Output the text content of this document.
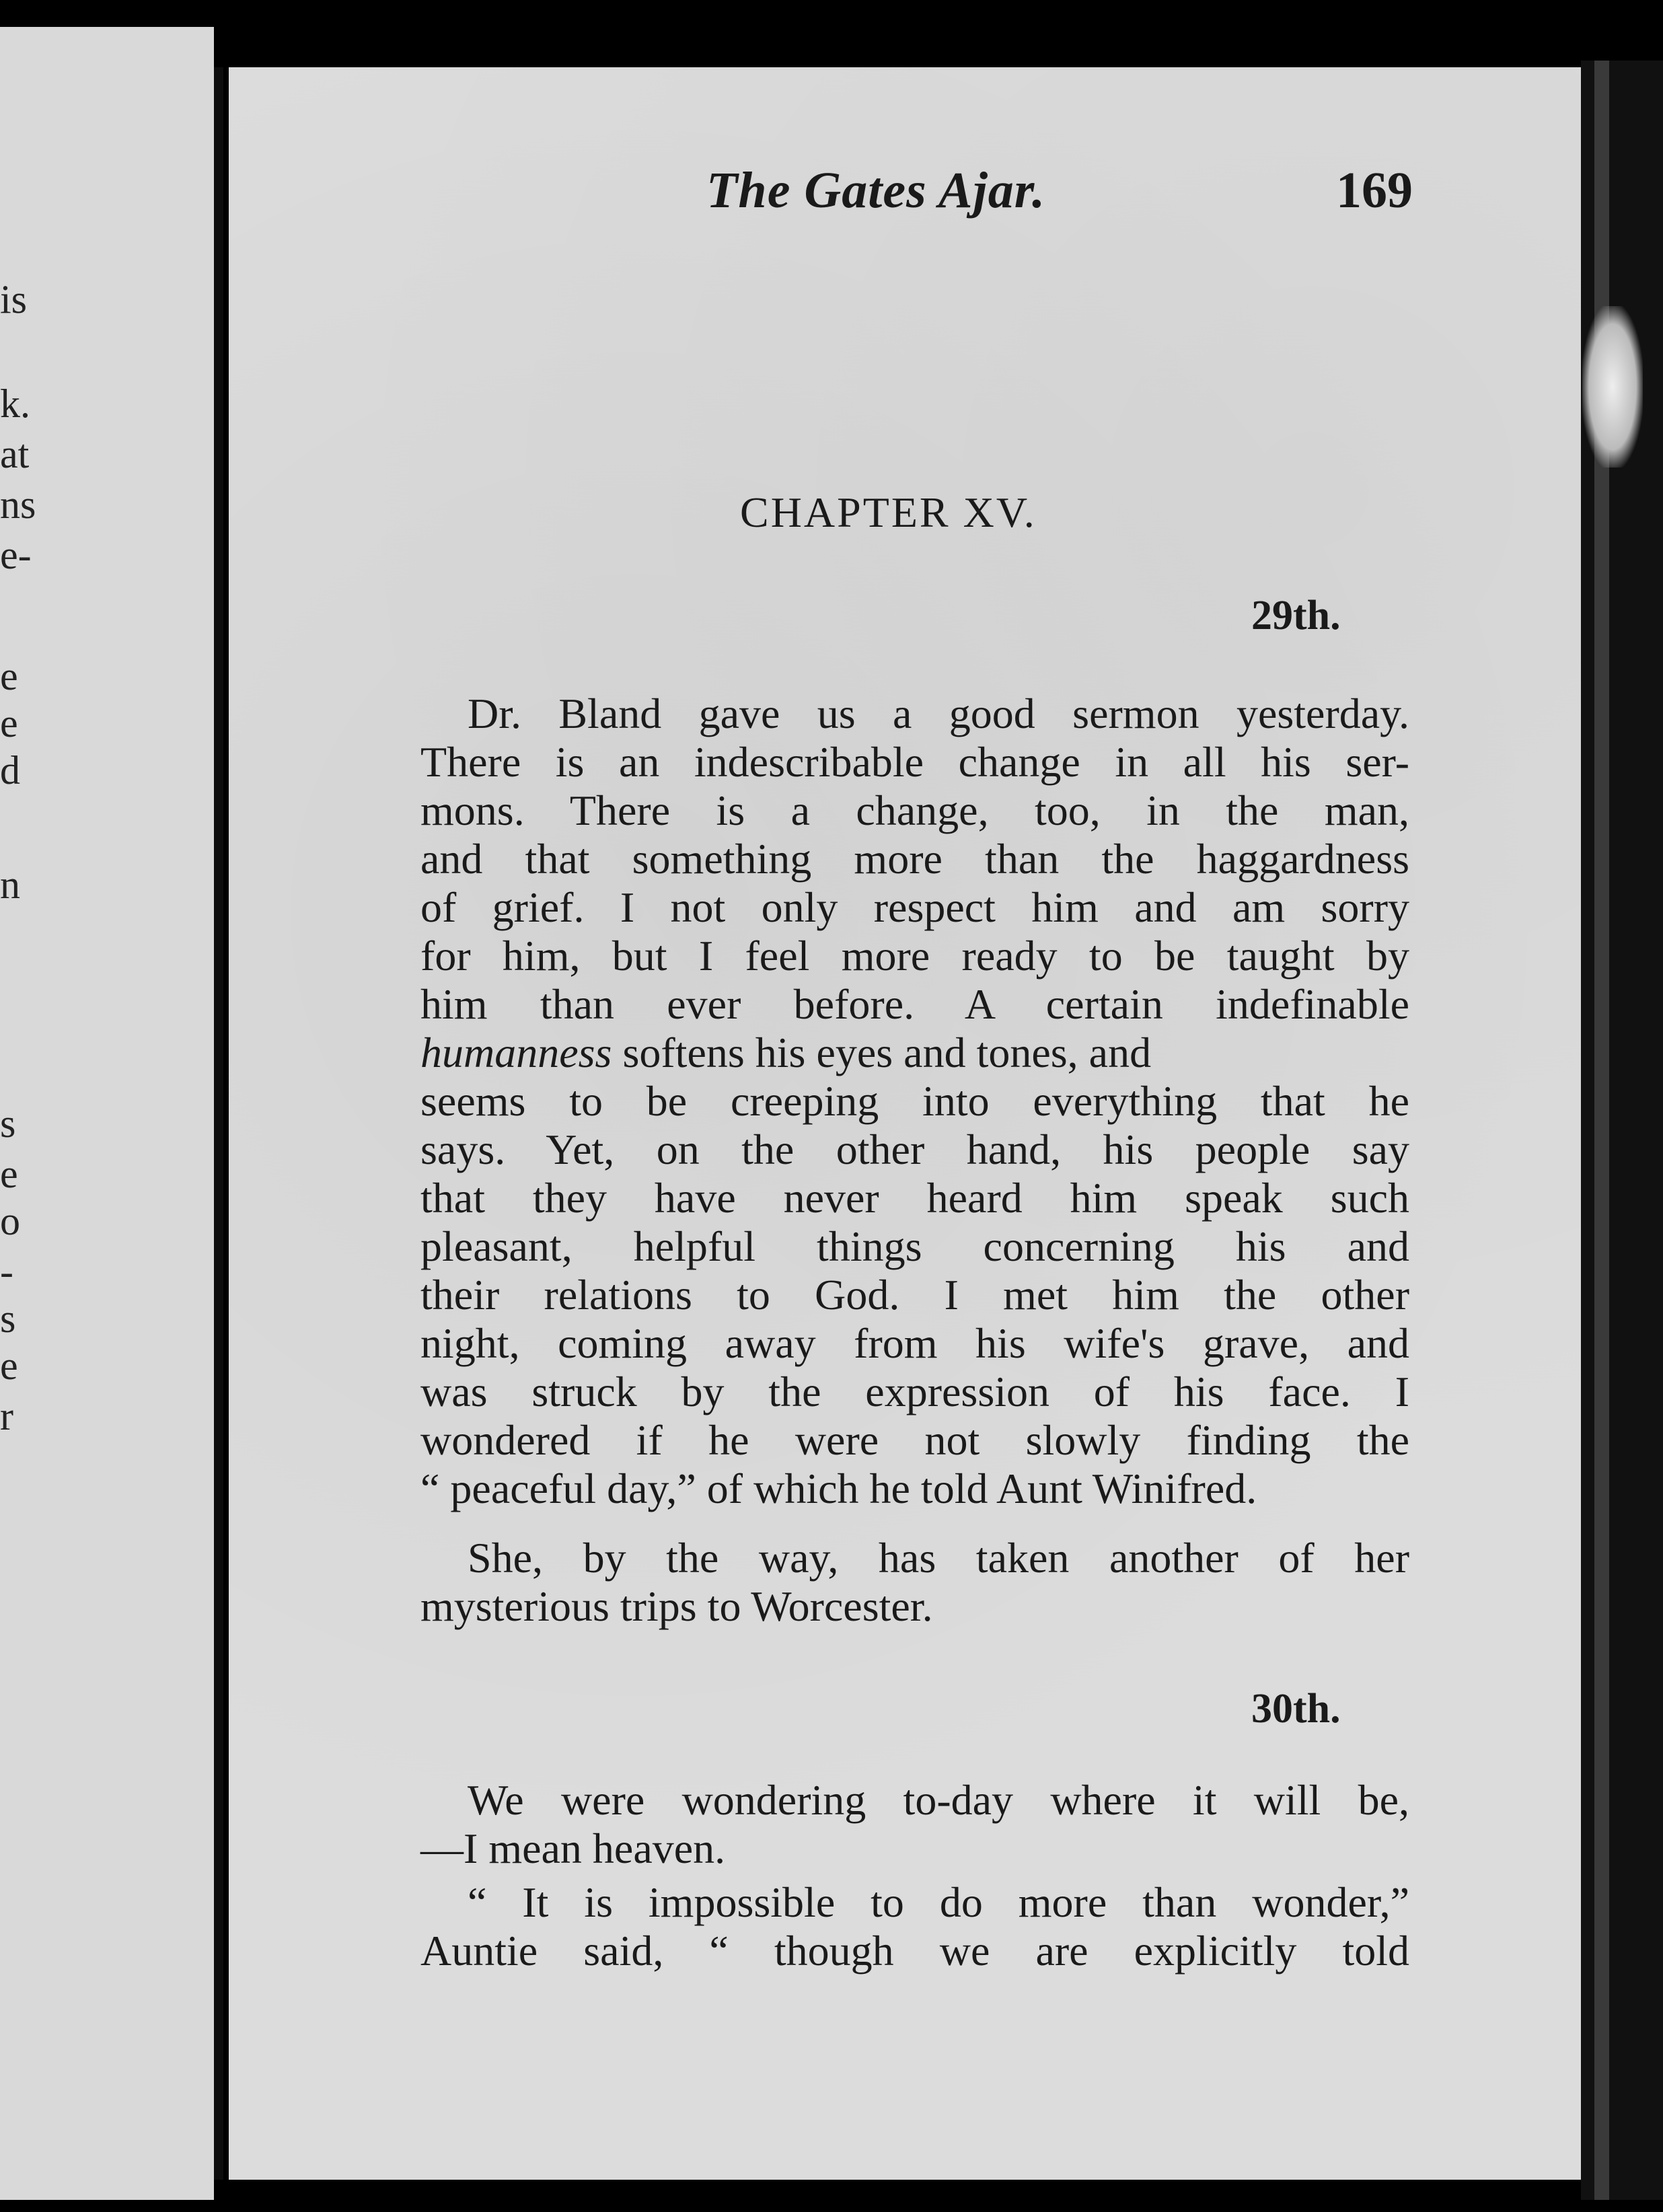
is
k.
at
ns
e-
e
e
d
n
s
e
o
-
s
e
r
The Gates Ajar.	169
CHAPTER XV.
29th.
Dr. Bland gave us a good sermon yesterday.
There is an indescribable change in all his ser-
mons. There is a change, too, in the man,
and that something more than the haggardness
of grief. I not only respect him and am sorry
for him, but I feel more ready to be taught by
him than ever before. A certain indefinable
humanness softens his eyes and tones, and
seems to be creeping into everything that he
says. Yet, on the other hand, his people say
that they have never heard him speak such
pleasant, helpful things concerning his and
their relations to God. I met him the other
night, coming away from his wife's grave, and
was struck by the expression of his face. I
wondered if he were not slowly finding the
“ peaceful day,” of which he told Aunt Winifred.
She, by the way, has taken another of her
mysterious trips to Worcester.
30th.
We were wondering to-day where it will be,
—I mean heaven.
“ It is impossible to do more than wonder,”
Auntie said, “ though we are explicitly told
